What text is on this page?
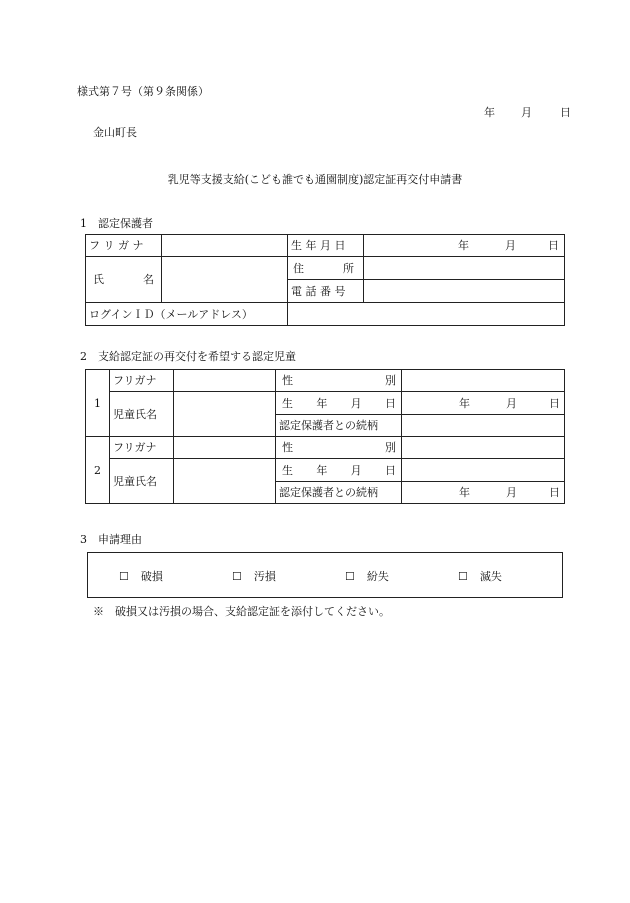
様式第７号（第９条関係）
年 月	日
金山町長
乳児等支援支給(こども誰でも通園制度)認定証再交付申請書
1　認定保護者
フ リ ガ ナ		生 年 月 日	年 月 日

氏 名		住 所	

		電 話 番 号	
ログインＩＤ（メールアドレス）			
2　支給認定証の再交付を希望する認定児童
1	フリガナ		性 別	

	児童氏名		生 年 月 日	年 月 日

			認定保護者との続柄	
2	フリガナ		性 別	

	児童氏名		生 年 月 日	

			認定保護者との続柄	年 月 日
3　申請理由
☐ 破損	☐ 汚損	☐ 紛失	☐ 滅失
※　破損又は汚損の場合、支給認定証を添付してください。
